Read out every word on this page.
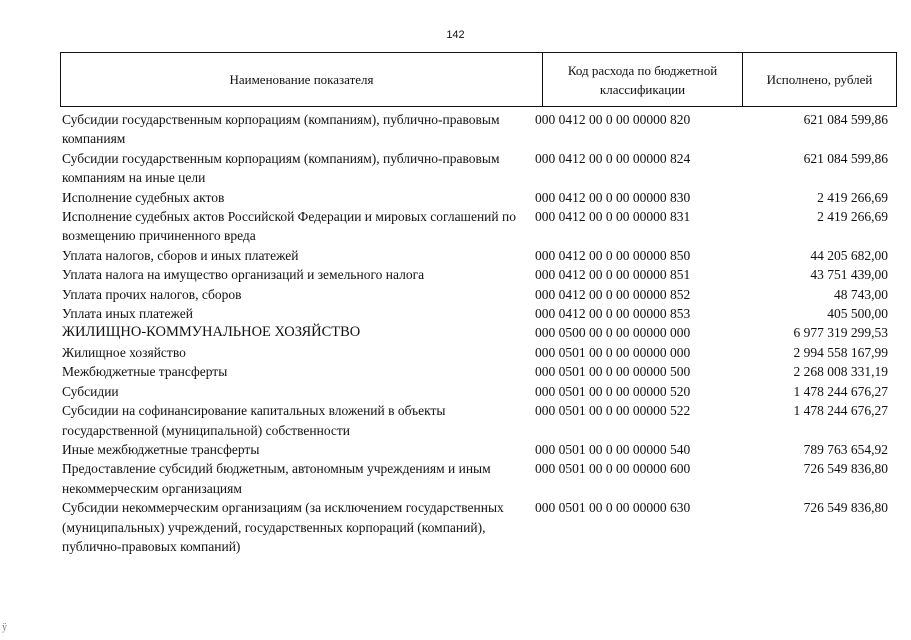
142
Наименование показателя
Код расхода по бюджетной классификации
Исполнено, рублей
Субсидии государственным корпорациям (компаниям), публично-правовым компаниям
000 0412 00 0 00 00000 820	621 084 599,86
Субсидии государственным корпорациям (компаниям), публично-правовым компаниям на иные цели
000 0412 00 0 00 00000 824	621 084 599,86
Исполнение судебных актов	000 0412 00 0 00 00000 830	2 419 266,69
Исполнение судебных актов Российской Федерации и мировых соглашений по возмещению причиненного вреда
000 0412 00 0 00 00000 831	2 419 266,69
Уплата налогов, сборов и иных платежей	000 0412 00 0 00 00000 850	44 205 682,00
Уплата налога на имущество организаций и земельного налога	000 0412 00 0 00 00000 851	43 751 439,00
Уплата прочих налогов, сборов	000 0412 00 0 00 00000 852	48 743,00
Уплата иных платежей	000 0412 00 0 00 00000 853	405 500,00
ЖИЛИЩНО-КОММУНАЛЬНОЕ ХОЗЯЙСТВО	000 0500 00 0 00 00000 000	6 977 319 299,53
Жилищное хозяйство	000 0501 00 0 00 00000 000	2 994 558 167,99
Межбюджетные трансферты	000 0501 00 0 00 00000 500	2 268 008 331,19
Субсидии	000 0501 00 0 00 00000 520	1 478 244 676,27
Субсидии на софинансирование капитальных вложений в объекты государственной (муниципальной) собственности
000 0501 00 0 00 00000 522	1 478 244 676,27
Иные межбюджетные трансферты	000 0501 00 0 00 00000 540	789 763 654,92
Предоставление субсидий бюджетным, автономным учреждениям и иным некоммерческим организациям
000 0501 00 0 00 00000 600	726 549 836,80
Субсидии некоммерческим организациям (за исключением государственных (муниципальных) учреждений, государственных корпораций (компаний), публично-правовых компаний)
000 0501 00 0 00 00000 630	726 549 836,80
ÿ
